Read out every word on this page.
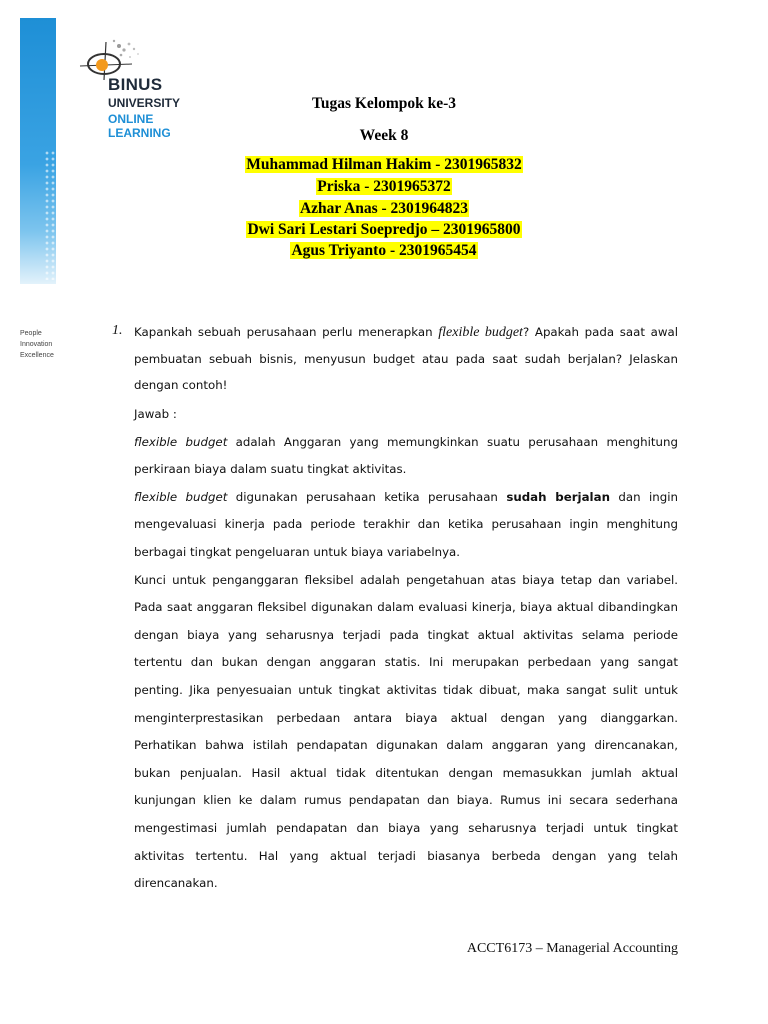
BINUS
UNIVERSITY
ONLINE
LEARNING
People
Innovation
Excellence
Tugas Kelompok ke-3
Week 8
Muhammad Hilman Hakim - 2301965832
Priska - 2301965372
Azhar Anas - 2301964823
Dwi Sari Lestari Soepredjo – 2301965800
Agus Triyanto - 2301965454
1. Kapankah sebuah perusahaan perlu menerapkan flexible budget? Apakah pada saat awal pembuatan sebuah bisnis, menyusun budget atau pada saat sudah berjalan? Jelaskan dengan contoh!

Jawab :

flexible budget adalah Anggaran yang memungkinkan suatu perusahaan menghitung perkiraan biaya dalam suatu tingkat aktivitas.

flexible budget digunakan perusahaan ketika perusahaan sudah berjalan dan ingin mengevaluasi kinerja pada periode terakhir dan ketika perusahaan ingin menghitung berbagai tingkat pengeluaran untuk biaya variabelnya.

Kunci untuk penganggaran fleksibel adalah pengetahuan atas biaya tetap dan variabel. Pada saat anggaran fleksibel digunakan dalam evaluasi kinerja, biaya aktual dibandingkan dengan biaya yang seharusnya terjadi pada tingkat aktual aktivitas selama periode tertentu dan bukan dengan anggaran statis. Ini merupakan perbedaan yang sangat penting. Jika penyesuaian untuk tingkat aktivitas tidak dibuat, maka sangat sulit untuk menginterprestasikan perbedaan antara biaya aktual dengan yang dianggarkan. Perhatikan bahwa istilah pendapatan digunakan dalam anggaran yang direncanakan, bukan penjualan. Hasil aktual tidak ditentukan dengan memasukkan jumlah aktual kunjungan klien ke dalam rumus pendapatan dan biaya. Rumus ini secara sederhana mengestimasi jumlah pendapatan dan biaya yang seharusnya terjadi untuk tingkat aktivitas tertentu. Hal yang aktual terjadi biasanya berbeda dengan yang telah direncanakan.

ACCT6173 – Managerial Accounting
